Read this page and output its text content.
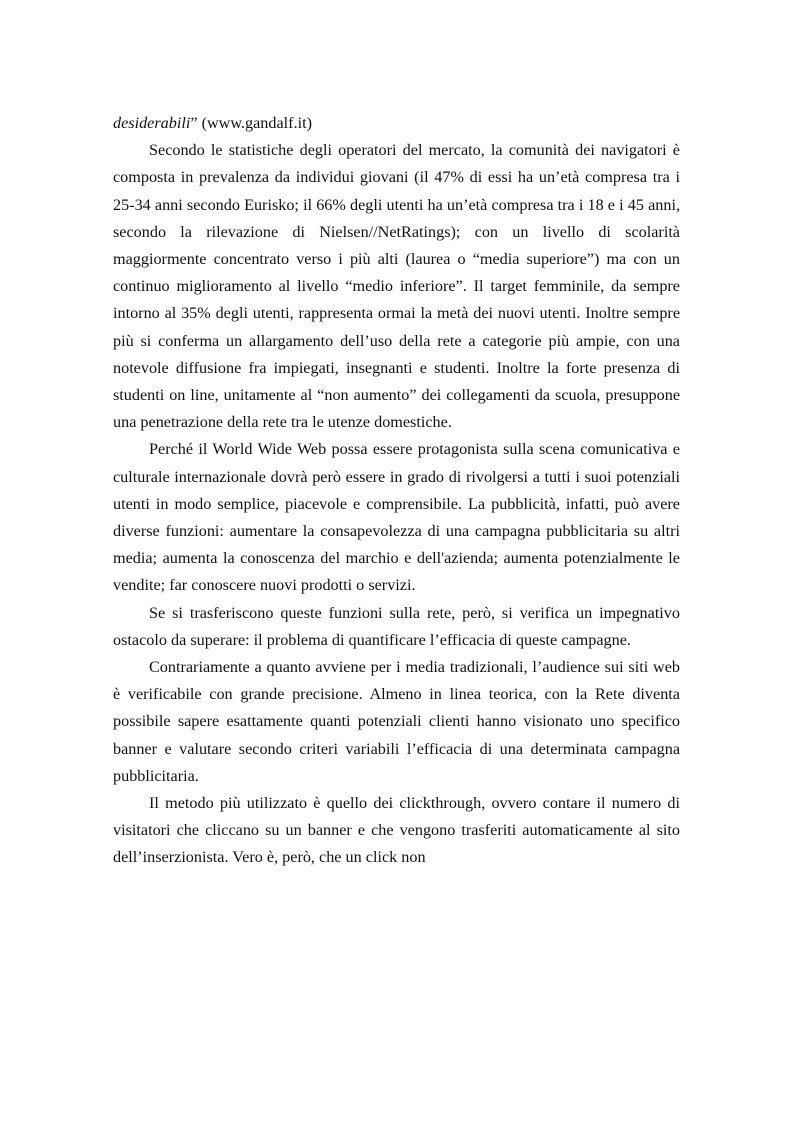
desiderabili” (www.gandalf.it)

Secondo le statistiche degli operatori del mercato, la comunità dei navigatori è composta in prevalenza da individui giovani (il 47% di essi ha un’età compresa tra i 25-34 anni secondo Eurisko; il 66% degli utenti ha un’età compresa tra i 18 e i 45 anni, secondo la rilevazione di Nielsen//NetRatings); con un livello di scolarità maggiormente concentrato verso i più alti (laurea o “media superiore”) ma con un continuo miglioramento al livello “medio inferiore”. Il target femminile, da sempre intorno al 35% degli utenti, rappresenta ormai la metà dei nuovi utenti. Inoltre sempre più si conferma un allargamento dell’uso della rete a categorie più ampie, con una notevole diffusione fra impiegati, insegnanti e studenti. Inoltre la forte presenza di studenti on line, unitamente al “non aumento” dei collegamenti da scuola, presuppone una penetrazione della rete tra le utenze domestiche.

Perché il World Wide Web possa essere protagonista sulla scena comunicativa e culturale internazionale dovrà però essere in grado di rivolgersi a tutti i suoi potenziali utenti in modo semplice, piacevole e comprensibile. La pubblicità, infatti, può avere diverse funzioni: aumentare la consapevolezza di una campagna pubblicitaria su altri media; aumenta la conoscenza del marchio e dell'azienda; aumenta potenzialmente le vendite; far conoscere nuovi prodotti o servizi.

Se si trasferiscono queste funzioni sulla rete, però, si verifica un impegnativo ostacolo da superare: il problema di quantificare l’efficacia di queste campagne.

Contrariamente a quanto avviene per i media tradizionali, l’audience sui siti web è verificabile con grande precisione. Almeno in linea teorica, con la Rete diventa possibile sapere esattamente quanti potenziali clienti hanno visionato uno specifico banner e valutare secondo criteri variabili l’efficacia di una determinata campagna pubblicitaria.

Il metodo più utilizzato è quello dei clickthrough, ovvero contare il numero di visitatori che cliccano su un banner e che vengono trasferiti automaticamente al sito dell’inserzionista. Vero è, però, che un click non
